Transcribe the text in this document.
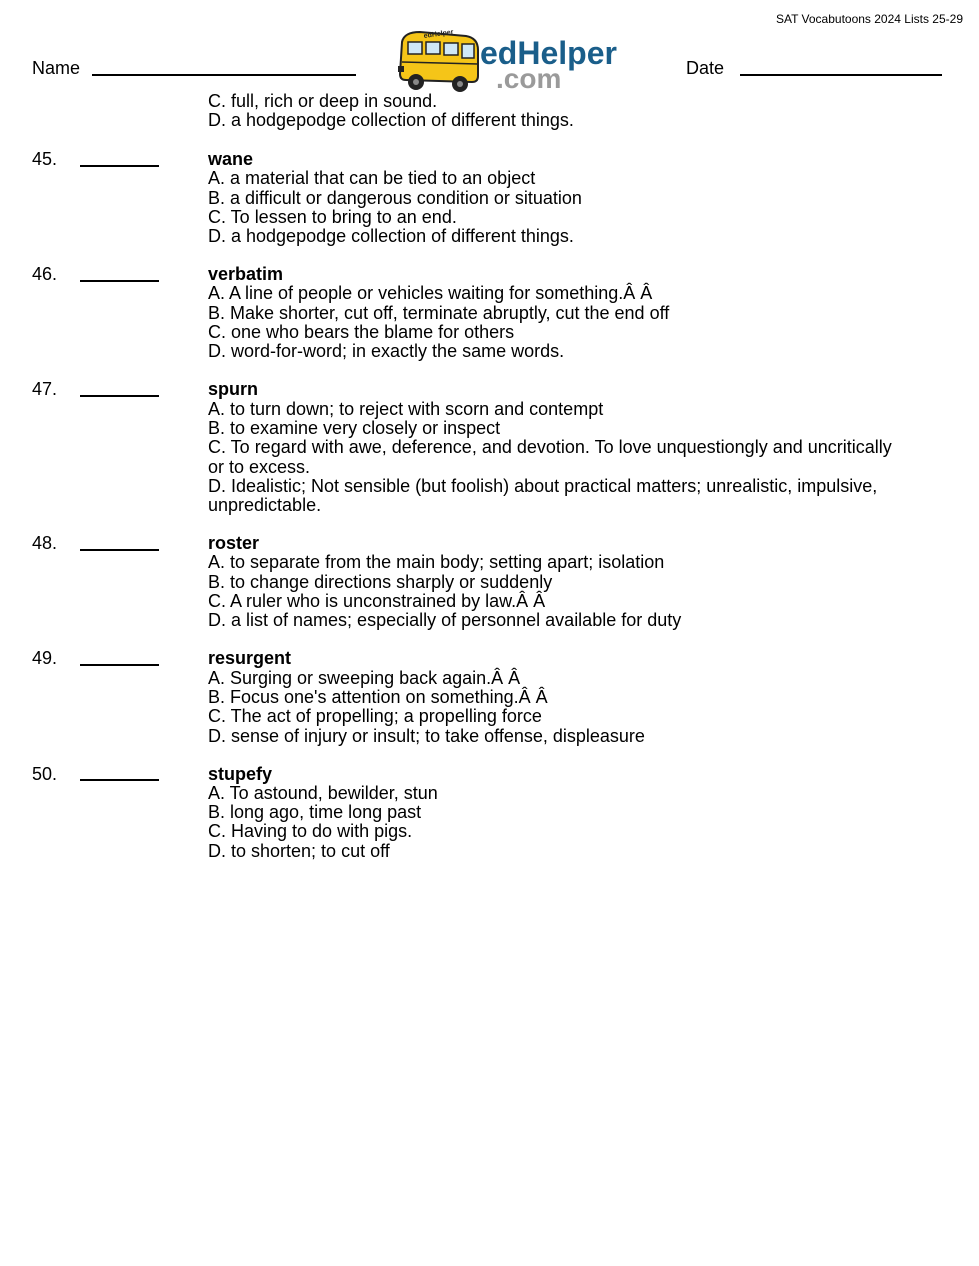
SAT Vocabutoons 2024 Lists 25-29
Name
edHelper
edHelper
.com	Date
C. full, rich or deep in sound.
D. a hodgepodge collection of different things.
45.	wane
A. a material that can be tied to an object
B. a difficult or dangerous condition or situation
C. To lessen to bring to an end.
D. a hodgepodge collection of different things.
46.	verbatim
A. A line of people or vehicles waiting for something.Â Â
B. Make shorter, cut off, terminate abruptly, cut the end off
C. one who bears the blame for others
D. word-for-word; in exactly the same words.
47.	spurn
A. to turn down; to reject with scorn and contempt
B. to examine very closely or inspect
C. To regard with awe, deference, and devotion. To love unquestiongly and uncritically
or to excess.
D. Idealistic; Not sensible (but foolish) about practical matters; unrealistic, impulsive,
unpredictable.
48.	roster
A. to separate from the main body; setting apart; isolation
B. to change directions sharply or suddenly
C. A ruler who is unconstrained by law.Â Â
D. a list of names; especially of personnel available for duty
49.	resurgent
A. Surging or sweeping back again.Â Â
B. Focus one's attention on something.Â Â
C. The act of propelling; a propelling force
D. sense of injury or insult; to take offense, displeasure
50.	stupefy
A. To astound, bewilder, stun
B. long ago, time long past
C. Having to do with pigs.
D. to shorten; to cut off
